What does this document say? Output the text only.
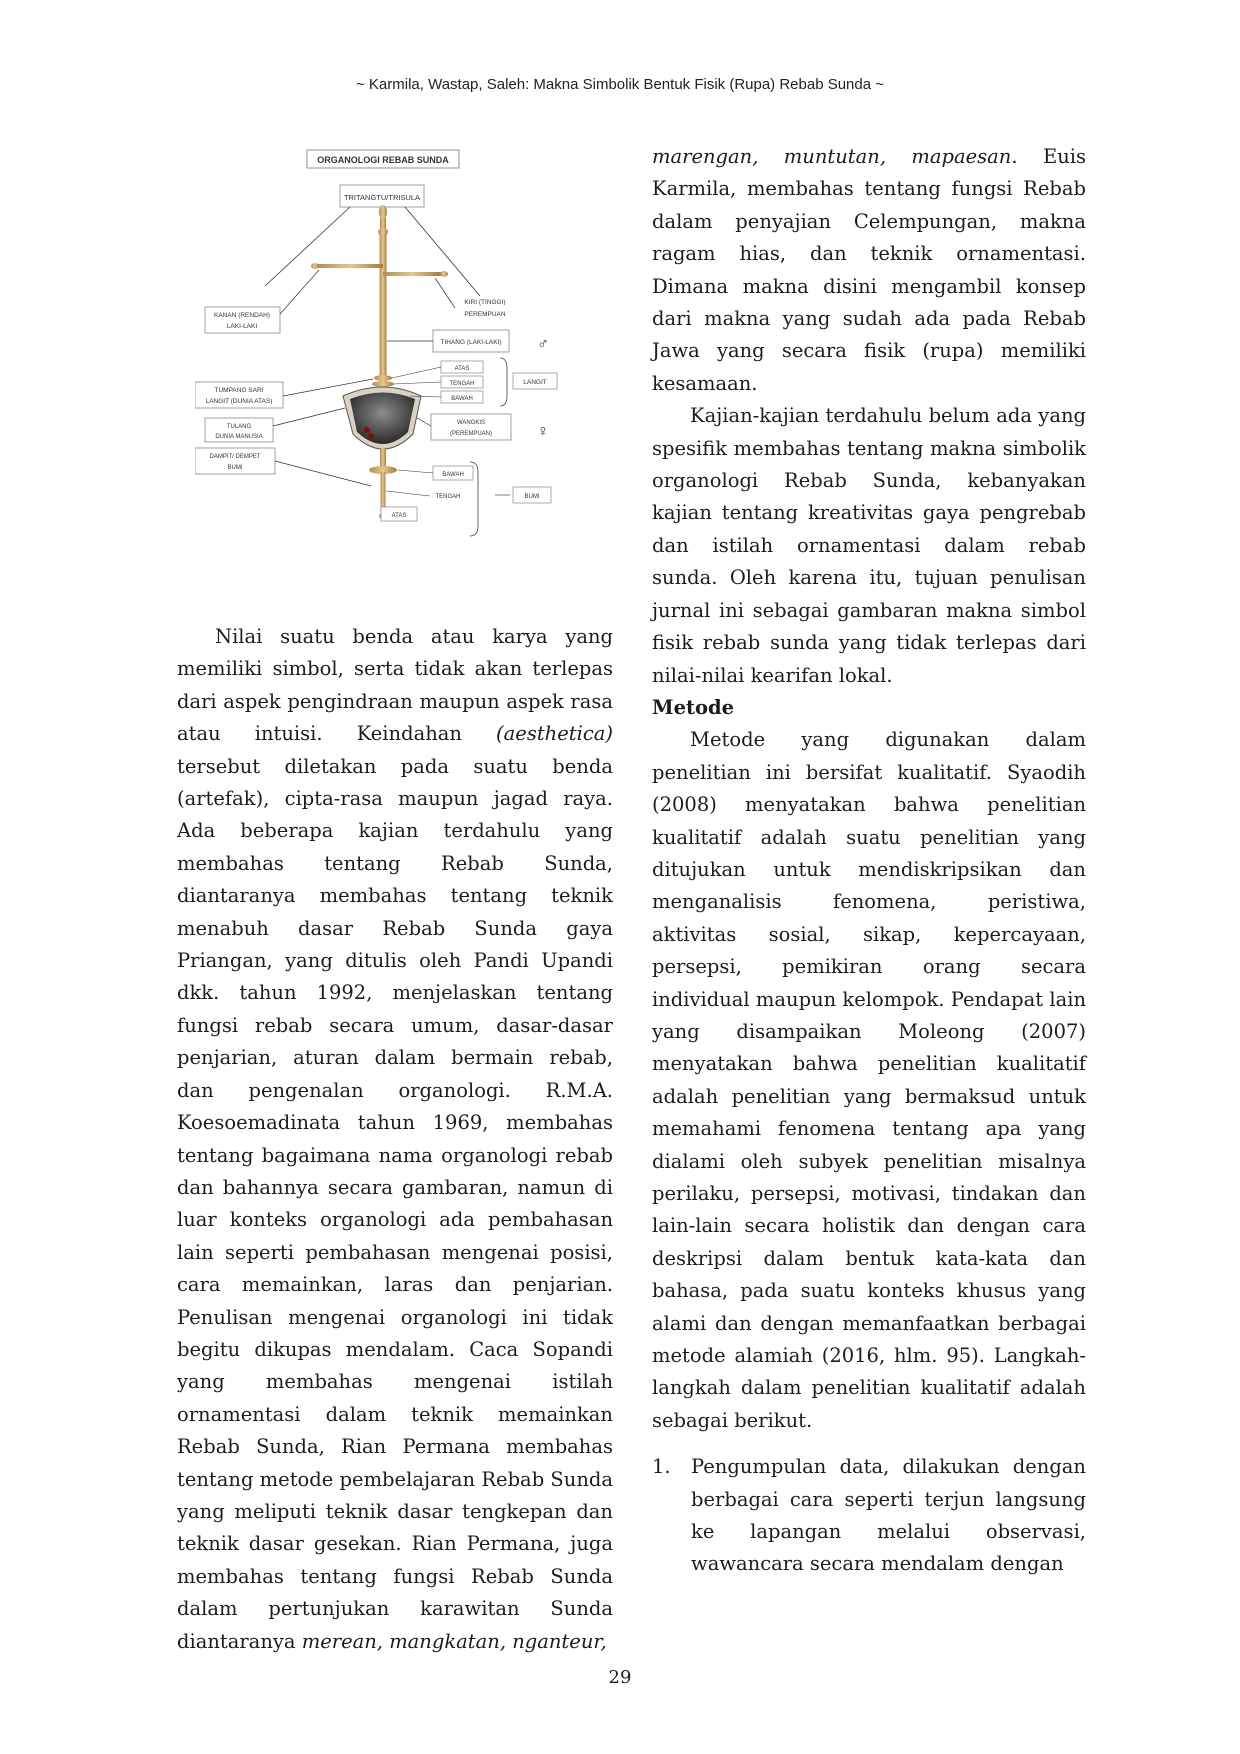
~ Karmila, Wastap, Saleh: Makna Simbolik Bentuk Fisik (Rupa) Rebab Sunda ~
ORGANOLOGI REBAB SUNDA
TRITANGTU/TRISULA
KANAN (RENDAH)
LAKI-LAKI
KIRI (TINGGI)
PEREMPUAN
TIHANG (LAKI-LAKI) ♂
ATAS
TENGAH
BAWAH
LANGIT
TUMPANG SARI
LANGIT (DUNIA ATAS)
TULANG
DUNIA MANUSIA
WANGKIS
(PEREMPUAN)	♀
DAMPIT/ DEMPET
BUMI
BAWAH
TENGAH
ATAS
BUMI

Nilai suatu benda atau karya yang memiliki simbol, serta tidak akan terlepas dari aspek pengindraan maupun aspek rasa atau intuisi. Keindahan (aesthetica) tersebut diletakan pada suatu benda (artefak), cipta-rasa maupun jagad raya. Ada beberapa kajian terdahulu yang membahas tentang Rebab Sunda, diantaranya membahas tentang teknik menabuh dasar Rebab Sunda gaya Priangan, yang ditulis oleh Pandi Upandi dkk. tahun 1992, menjelaskan tentang fungsi rebab secara umum, dasar-dasar penjarian, aturan dalam bermain rebab, dan pengenalan organologi. R.M.A. Koesoemadinata tahun 1969, membahas tentang bagaimana nama organologi rebab dan bahannya secara gambaran, namun di luar konteks organologi ada pembahasan lain seperti pembahasan mengenai posisi, cara memainkan, laras dan penjarian. Penulisan mengenai organologi ini tidak begitu dikupas mendalam. Caca Sopandi yang membahas mengenai istilah ornamentasi dalam teknik memainkan Rebab Sunda, Rian Permana membahas tentang metode pembelajaran Rebab Sunda yang meliputi teknik dasar tengkepan dan teknik dasar gesekan. Rian Permana, juga membahas tentang fungsi Rebab Sunda dalam pertunjukan karawitan Sunda diantaranya merean, mangkatan, nganteur,

marengan, muntutan, mapaesan. Euis Karmila, membahas tentang fungsi Rebab dalam penyajian Celempungan, makna ragam hias, dan teknik ornamentasi. Dimana makna disini mengambil konsep dari makna yang sudah ada pada Rebab Jawa yang secara fisik (rupa) memiliki kesamaan.

Kajian-kajian terdahulu belum ada yang spesifik membahas tentang makna simbolik organologi Rebab Sunda, kebanyakan kajian tentang kreativitas gaya pengrebab dan istilah ornamentasi dalam rebab sunda. Oleh karena itu, tujuan penulisan jurnal ini sebagai gambaran makna simbol fisik rebab sunda yang tidak terlepas dari nilai-nilai kearifan lokal.

Metode

Metode yang digunakan dalam penelitian ini bersifat kualitatif. Syaodih (2008) menyatakan bahwa penelitian kualitatif adalah suatu penelitian yang ditujukan untuk mendiskripsikan dan menganalisis fenomena, peristiwa, aktivitas sosial, sikap, kepercayaan, persepsi, pemikiran orang secara individual maupun kelompok. Pendapat lain yang disampaikan Moleong (2007) menyatakan bahwa penelitian kualitatif adalah penelitian yang bermaksud untuk memahami fenomena tentang apa yang dialami oleh subyek penelitian misalnya perilaku, persepsi, motivasi, tindakan dan lain-lain secara holistik dan dengan cara deskripsi dalam bentuk kata-kata dan bahasa, pada suatu konteks khusus yang alami dan dengan memanfaatkan berbagai metode alamiah (2016, hlm. 95). Langkah-langkah dalam penelitian kualitatif adalah sebagai berikut.

1. Pengumpulan data, dilakukan dengan berbagai cara seperti terjun langsung ke lapangan melalui observasi, wawancara secara mendalam dengan
29
